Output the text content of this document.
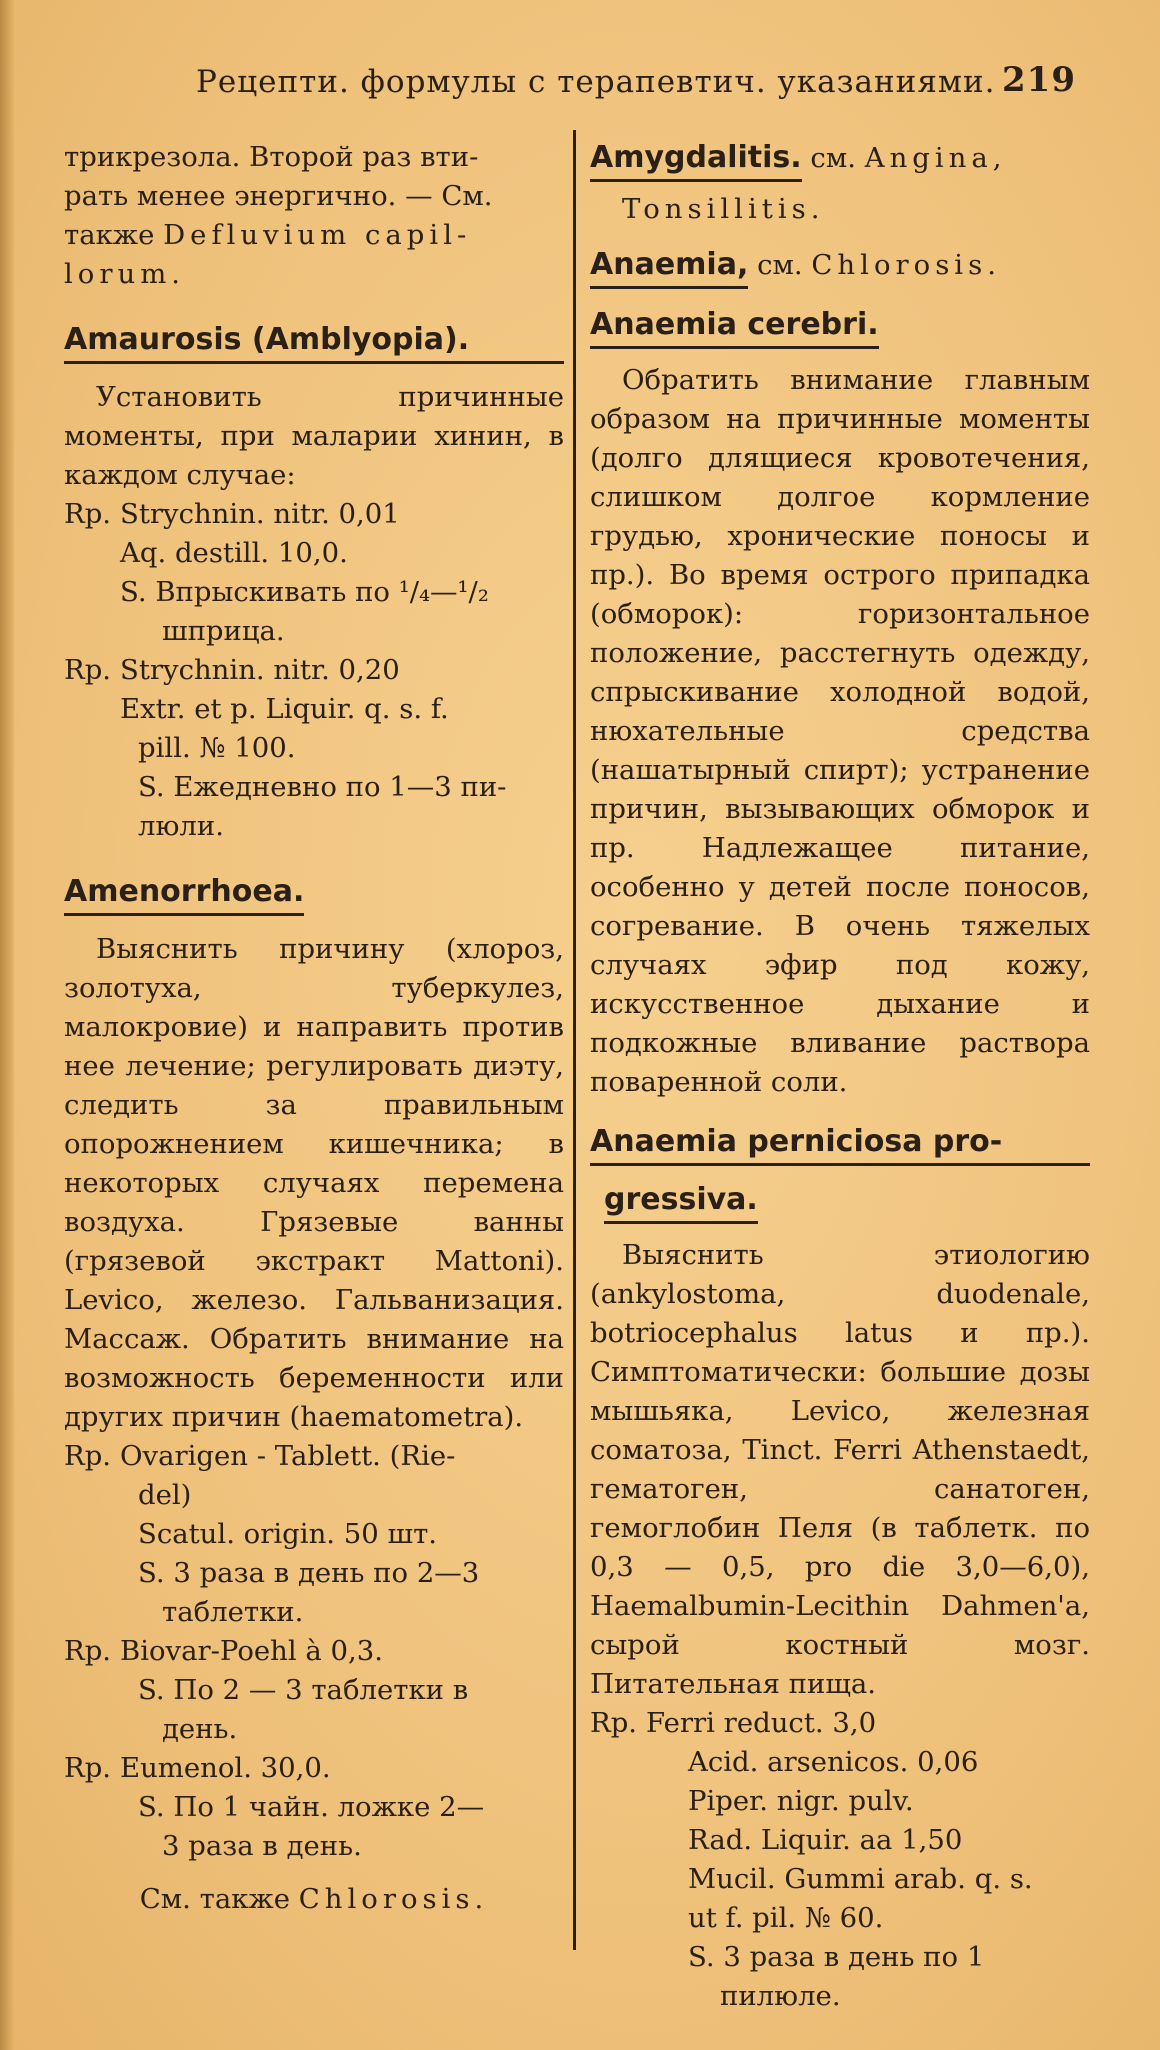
Рецепти. формулы с терапевтич. указаниями. 219
трикрезола. Второй раз вти-
рать менее энергично. — См.
также Defluvium capil-
lorum.
Amaurosis (Amblyopia).

Установить причинные моменты, при маларии хинин, в каждом случае:

Rp. Strychnin. nitr. 0,01
Aq. destill. 10,0.
S. Впрыскивать по ¹/₄—¹/₂
шприца.
Rp. Strychnin. nitr. 0,20
Extr. et p. Liquir. q. s. f.
pill. № 100.
S. Ежедневно по 1—3 пи-
люли.
Amenorrhoea.

Выяснить причину (хлороз, золотуха, туберкулез, малокровие) и направить против нее лечение; регулировать диэту, следить за правильным опорожнением кишечника; в некоторых случаях перемена воздуха. Грязевые ванны (грязевой экстракт Mattoni). Levico, железо. Гальванизация. Массаж. Обратить внимание на возможность беременности или других причин (haematometra).

Rp. Ovarigen - Tablett. (Rie-
del)
Scatul. origin. 50 шт.
S. 3 раза в день по 2—3
таблетки.
Rp. Biovar-Poehl à 0,3.
S. По 2 — 3 таблетки в
день.
Rp. Eumenol. 30,0.
S. По 1 чайн. ложке 2—
3 раза в день.
См. также Chlorosis.
Amygdalitis. см. Angina,
Tonsillitis.
Anaemia, см. Chlorosis.
Anaemia cerebri.

Обратить внимание главным образом на причинные моменты (долго длящиеся кровотечения, слишком долгое кормление грудью, хронические поносы и пр.). Во время острого припадка (обморок): горизонтальное положение, расстегнуть одежду, спрыскивание холодной водой, нюхательные средства (нашатырный спирт); устранение причин, вызывающих обморок и пр. Надлежащее питание, особенно у детей после поносов, согревание. В очень тяжелых случаях эфир под кожу, искусственное дыхание и подкожные вливание раствора поваренной соли.

Anaemia perniciosa pro-
gressiva.

Выяснить этиологию (ankylostoma, duodenale, botriocephalus latus и пр.). Симптоматически: большие дозы мышьяка, Levico, железная соматоза, Tinct. Ferri Athenstaedt, гематоген, санатоген, гемоглобин Пеля (в таблетк. по 0,3 — 0,5, pro die 3,0—6,0), Haemalbumin-Lecithin Dahmen'a, сырой костный мозг. Питательная пища.

Rp. Ferri reduct. 3,0
Acid. arsenicos. 0,06
Piper. nigr. pulv.
Rad. Liquir. aa 1,50
Mucil. Gummi arab. q. s.
ut f. pil. № 60.
S. 3 раза в день по 1
пилюле.
